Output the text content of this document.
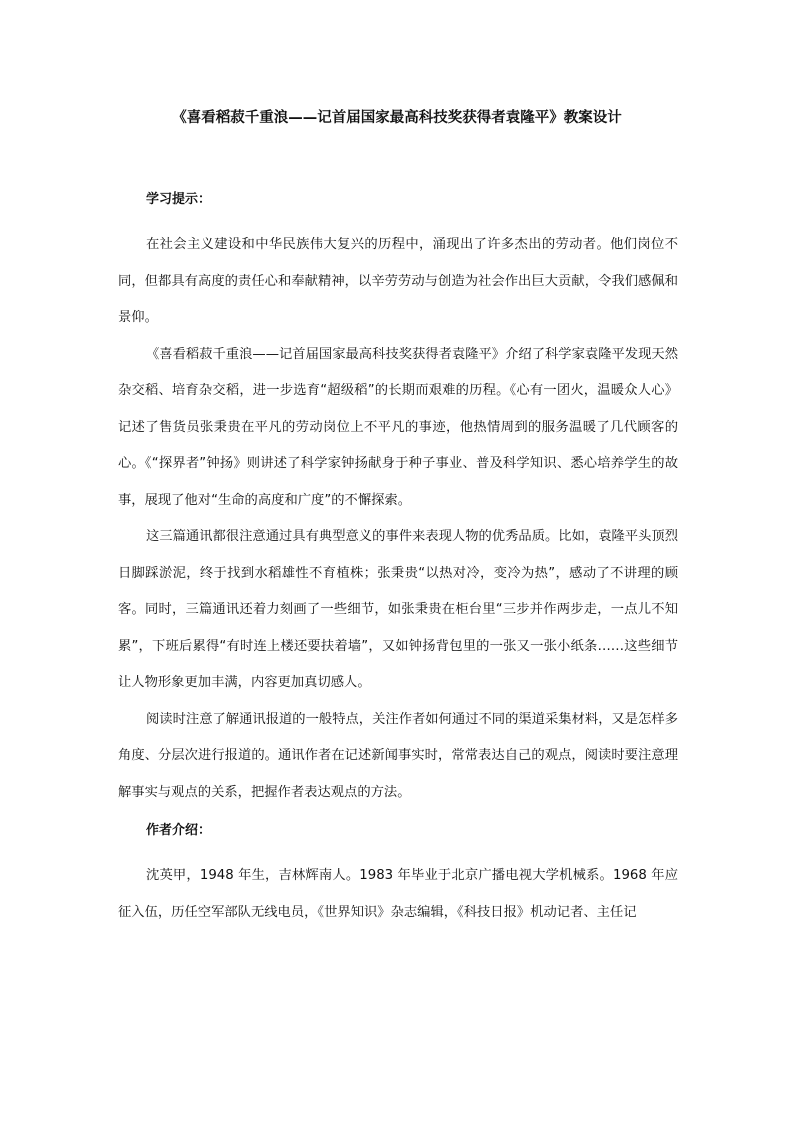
《喜看稻菽千重浪——记首届国家最高科技奖获得者袁隆平》教案设计
学习提示：

在社会主义建设和中华民族伟大复兴的历程中，涌现出了许多杰出的劳动者。他们岗位不同，但都具有高度的责任心和奉献精神，以辛劳劳动与创造为社会作出巨大贡献，令我们感佩和景仰。

《喜看稻菽千重浪——记首届国家最高科技奖获得者袁隆平》介绍了科学家袁隆平发现天然杂交稻、培育杂交稻，进一步选育“超级稻”的长期而艰难的历程。《心有一团火，温暖众人心》记述了售货员张秉贵在平凡的劳动岗位上不平凡的事迹，他热情周到的服务温暖了几代顾客的心。《“探界者”钟扬》则讲述了科学家钟扬献身于种子事业、普及科学知识、悉心培养学生的故事，展现了他对“生命的高度和广度”的不懈探索。

这三篇通讯都很注意通过具有典型意义的事件来表现人物的优秀品质。比如，袁隆平头顶烈日脚踩淤泥，终于找到水稻雄性不育植株；张秉贵“以热对冷，变冷为热”，感动了不讲理的顾客。同时，三篇通讯还着力刻画了一些细节，如张秉贵在柜台里“三步并作两步走，一点儿不知累”，下班后累得“有时连上楼还要扶着墙”，又如钟扬背包里的一张又一张小纸条……这些细节让人物形象更加丰满，内容更加真切感人。

阅读时注意了解通讯报道的一般特点，关注作者如何通过不同的渠道采集材料，又是怎样多角度、分层次进行报道的。通讯作者在记述新闻事实时，常常表达自己的观点，阅读时要注意理解事实与观点的关系，把握作者表达观点的方法。

作者介绍：

沈英甲，1948 年生，吉林辉南人。1983 年毕业于北京广播电视大学机械系。1968 年应征入伍，历任空军部队无线电员，《世界知识》杂志编辑，《科技日报》机动记者、主任记
